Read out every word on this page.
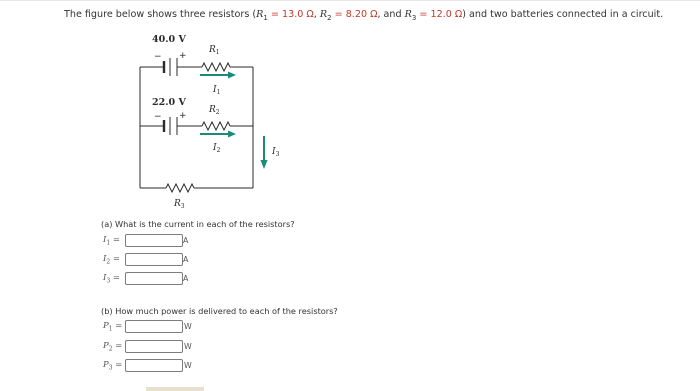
The figure below shows three resistors ($R_1 = 13.0$ Ω, $R_2 = 8.20$ Ω, and $R_3 = 12.0$ Ω) and two batteries connected in a circuit.
40.0 V
− +
22.0 V
− +
$R_1$
$R_2$
$R_3$
$I_1$
$I_2$	$I_3$
(a) What is the current in each of the resistors?
$I_1$ =	A
$I_2$ =	A
$I_3$ =	A
(b) How much power is delivered to each of the resistors?
$P_1$ =	W
$P_2$ =	W
$P_3$ =	W
